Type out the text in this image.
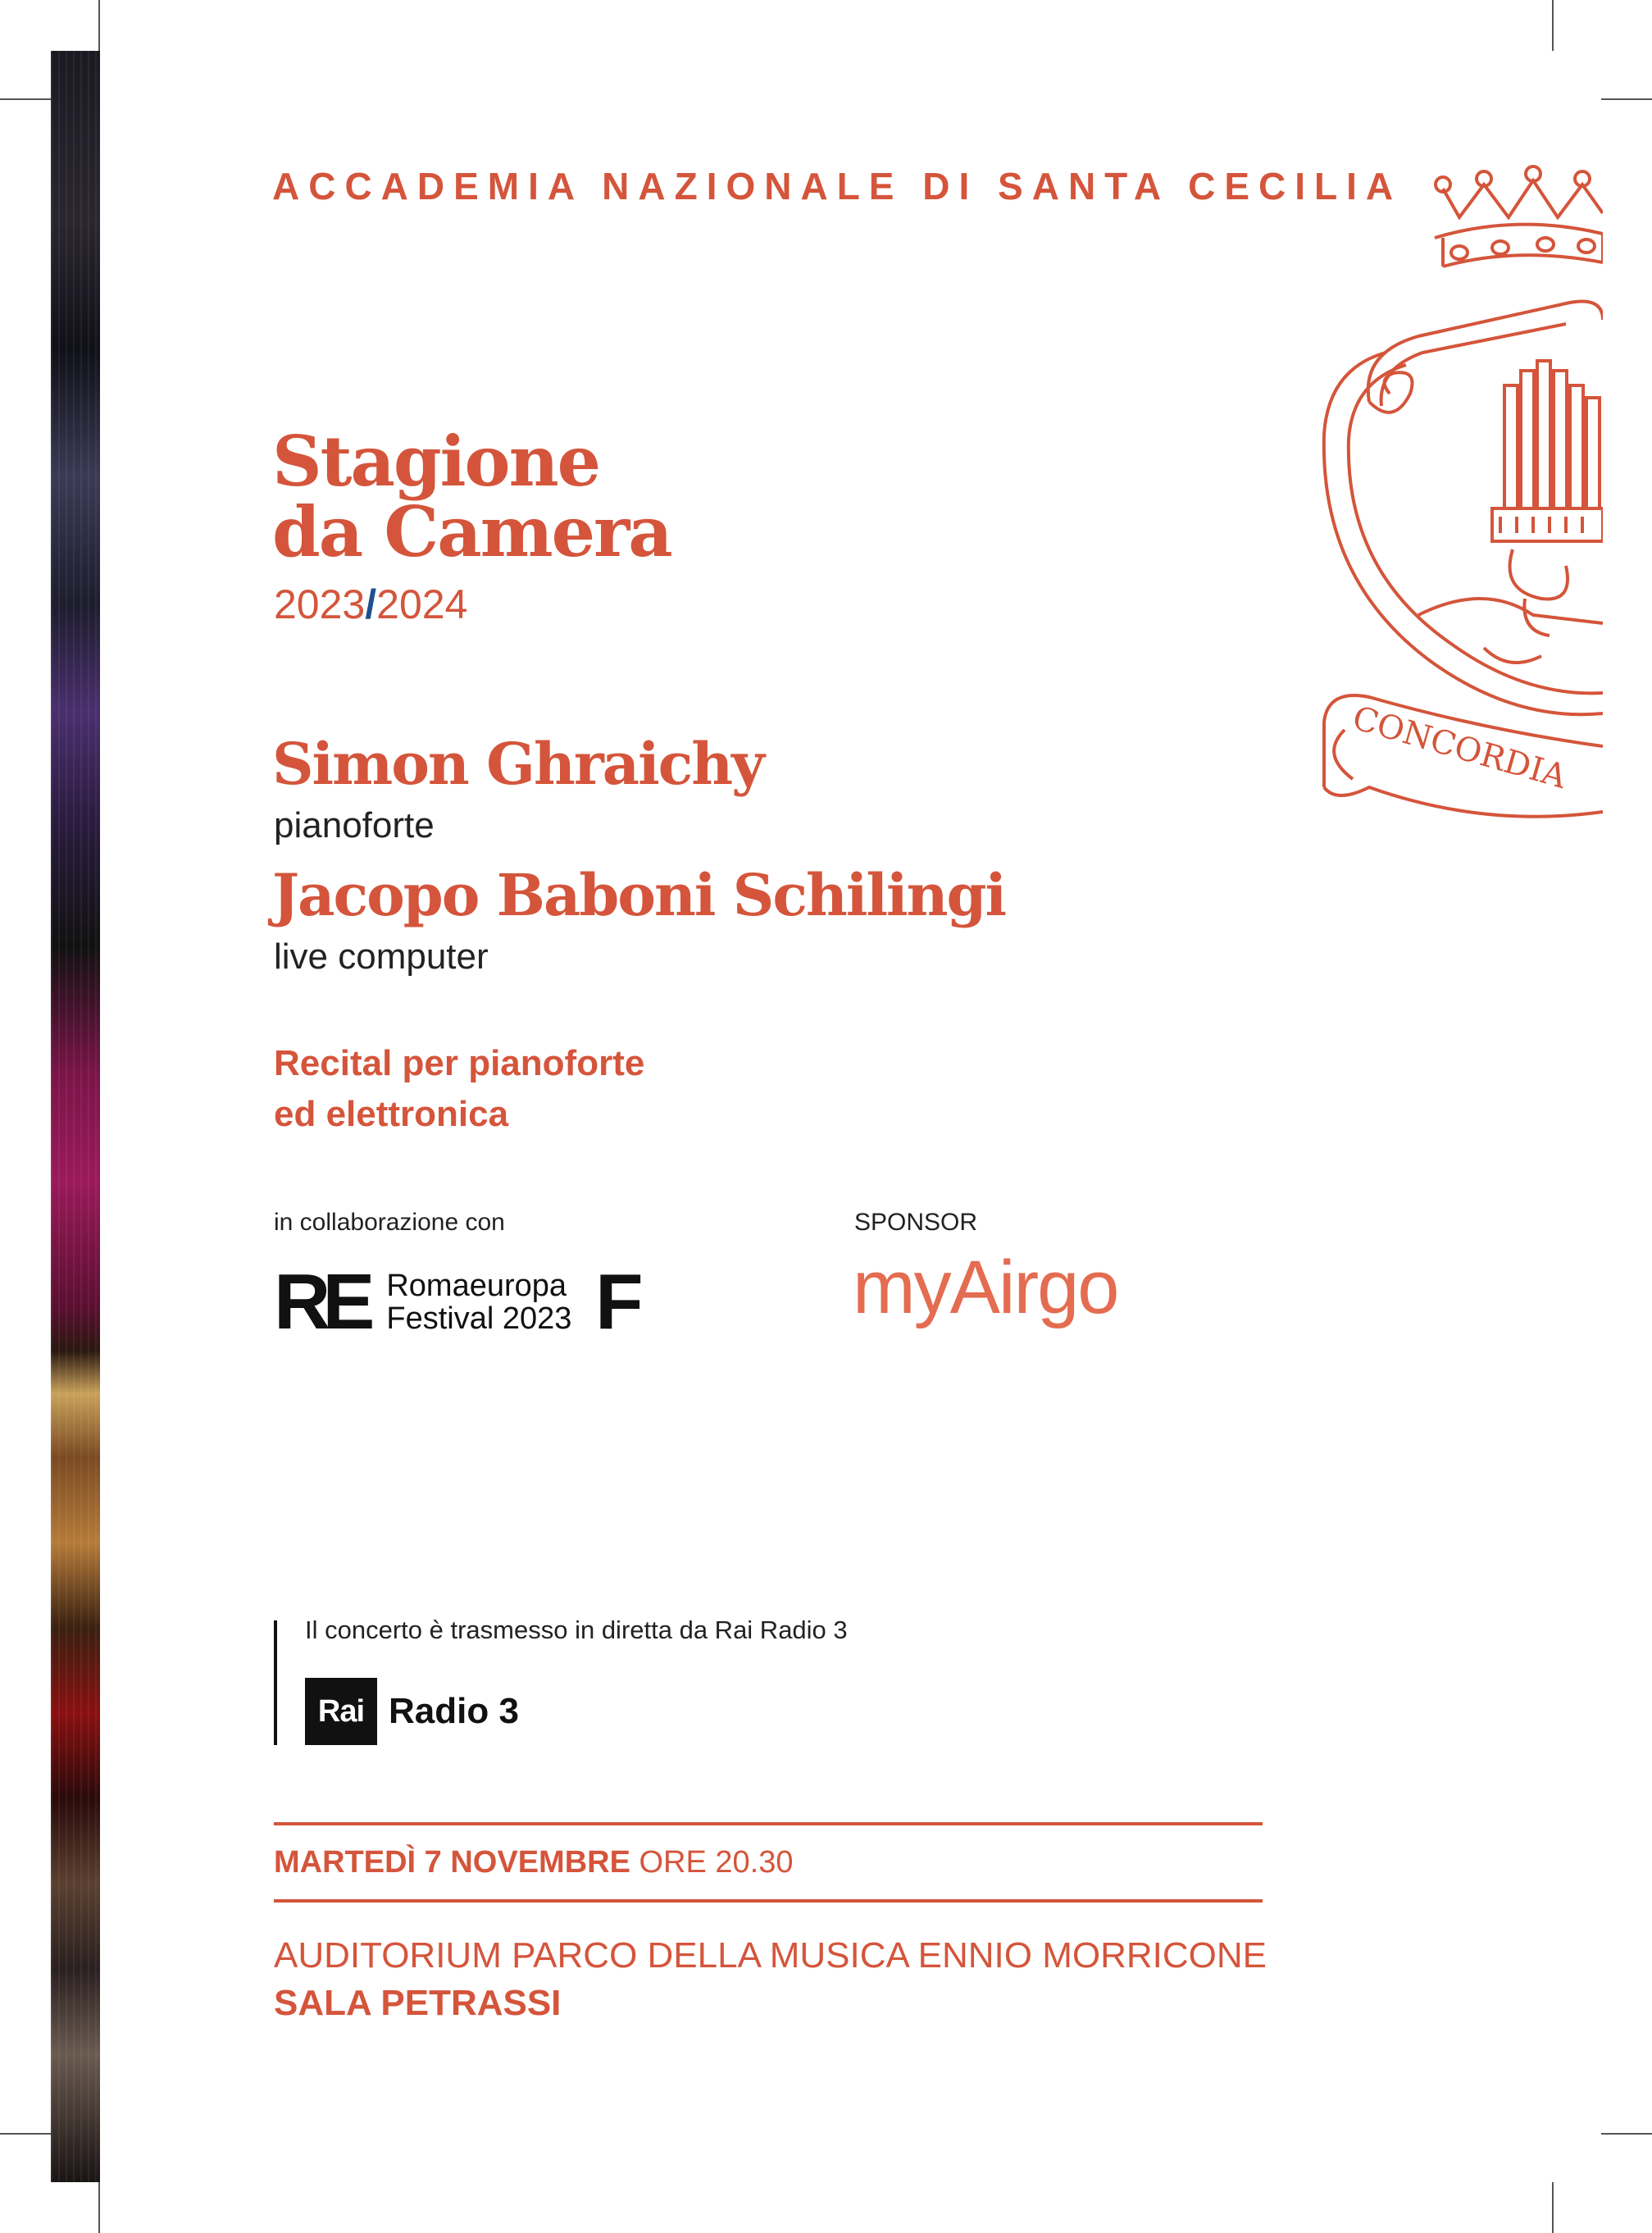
ACCADEMIA NAZIONALE DI SANTA CECILIA
CONCORDIA
Stagione
da Camera
2023/2024
Simon Ghraichy
pianoforte
Jacopo Baboni Schilingi
live computer
Recital per pianoforte
ed elettronica
in collaborazione con	SPONSOR
RE Romaeuropa
Festival 2023 F	myAirgo
Il concerto è trasmesso in diretta da Rai Radio 3
Rai Radio 3
MARTEDÌ 7 NOVEMBRE ORE 20.30
AUDITORIUM PARCO DELLA MUSICA ENNIO MORRICONE
SALA PETRASSI
